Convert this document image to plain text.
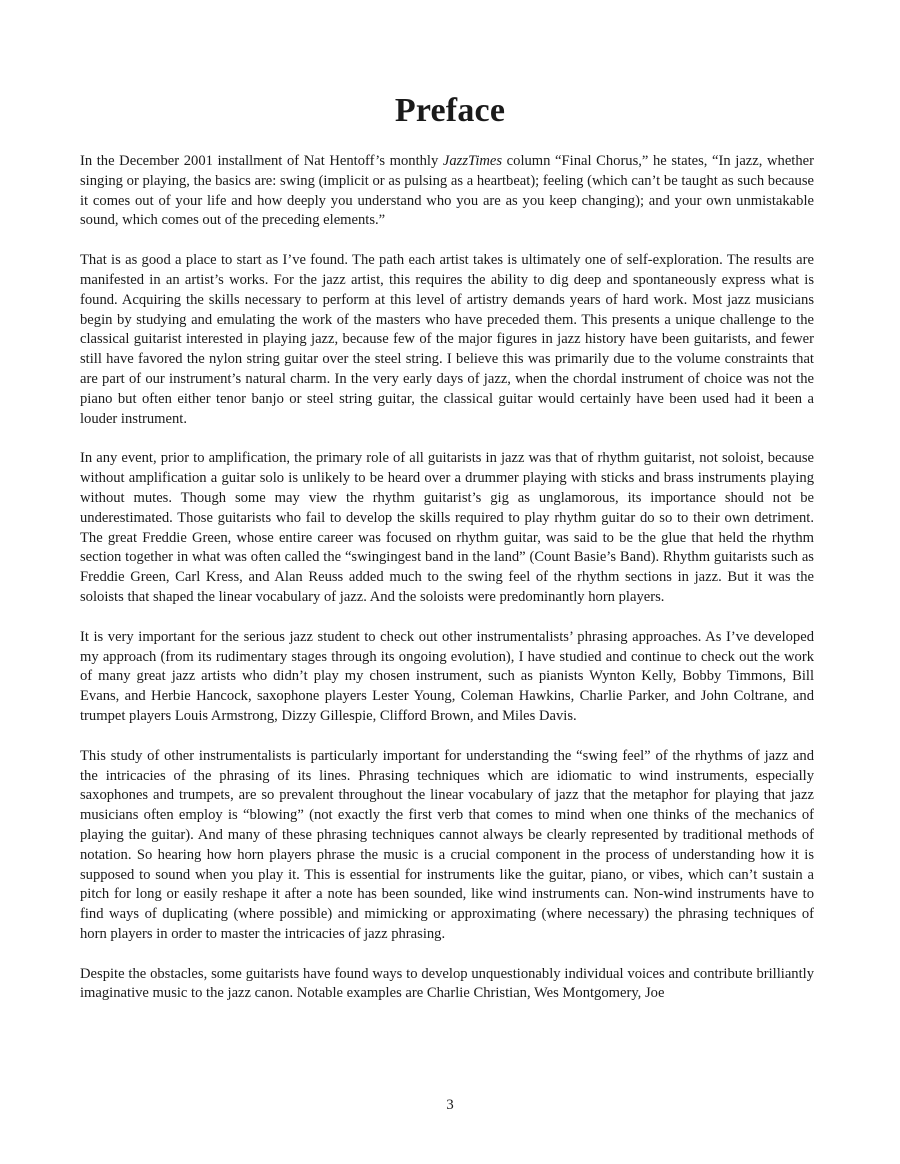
Preface

In the December 2001 installment of Nat Hentoff’s monthly JazzTimes column “Final Chorus,” he states, “In jazz, whether singing or playing, the basics are: swing (implicit or as pulsing as a heartbeat); feeling (which can’t be taught as such because it comes out of your life and how deeply you understand who you are as you keep changing); and your own unmistakable sound, which comes out of the preceding elements.”

That is as good a place to start as I’ve found. The path each artist takes is ultimately one of self-exploration. The results are manifested in an artist’s works. For the jazz artist, this requires the ability to dig deep and spontaneously express what is found. Acquiring the skills necessary to perform at this level of artistry demands years of hard work. Most jazz musicians begin by studying and emulating the work of the masters who have preceded them. This presents a unique challenge to the classical guitarist interested in playing jazz, because few of the major figures in jazz history have been guitarists, and fewer still have favored the nylon string guitar over the steel string. I believe this was primarily due to the volume constraints that are part of our instrument’s natural charm. In the very early days of jazz, when the chordal instrument of choice was not the piano but often either tenor banjo or steel string guitar, the classical guitar would certainly have been used had it been a louder instrument.

In any event, prior to amplification, the primary role of all guitarists in jazz was that of rhythm guitarist, not soloist, because without amplification a guitar solo is unlikely to be heard over a drummer playing with sticks and brass instruments playing without mutes. Though some may view the rhythm guitarist’s gig as unglamorous, its importance should not be underestimated. Those guitarists who fail to develop the skills required to play rhythm guitar do so to their own detriment. The great Freddie Green, whose entire career was focused on rhythm guitar, was said to be the glue that held the rhythm section together in what was often called the “swingingest band in the land” (Count Basie’s Band). Rhythm guitarists such as Freddie Green, Carl Kress, and Alan Reuss added much to the swing feel of the rhythm sections in jazz. But it was the soloists that shaped the linear vocabulary of jazz. And the soloists were predominantly horn players.

It is very important for the serious jazz student to check out other instrumentalists’ phrasing approaches. As I’ve developed my approach (from its rudimentary stages through its ongoing evolution), I have studied and continue to check out the work of many great jazz artists who didn’t play my chosen instrument, such as pianists Wynton Kelly, Bobby Timmons, Bill Evans, and Herbie Hancock, saxophone players Lester Young, Coleman Hawkins, Charlie Parker, and John Coltrane, and trumpet players Louis Armstrong, Dizzy Gillespie, Clifford Brown, and Miles Davis.

This study of other instrumentalists is particularly important for understanding the “swing feel” of the rhythms of jazz and the intricacies of the phrasing of its lines. Phrasing techniques which are idiomatic to wind instruments, especially saxophones and trumpets, are so prevalent throughout the linear vocabulary of jazz that the metaphor for playing that jazz musicians often employ is “blowing” (not exactly the first verb that comes to mind when one thinks of the mechanics of playing the guitar). And many of these phrasing techniques cannot always be clearly represented by traditional methods of notation. So hearing how horn players phrase the music is a crucial component in the process of understanding how it is supposed to sound when you play it. This is essential for instruments like the guitar, piano, or vibes, which can’t sustain a pitch for long or easily reshape it after a note has been sounded, like wind instruments can. Non-wind instruments have to find ways of duplicating (where possible) and mimicking or approximating (where necessary) the phrasing techniques of horn players in order to master the intricacies of jazz phrasing.

Despite the obstacles, some guitarists have found ways to develop unquestionably individual voices and contribute brilliantly imaginative music to the jazz canon. Notable examples are Charlie Christian, Wes Montgomery, Joe

3
